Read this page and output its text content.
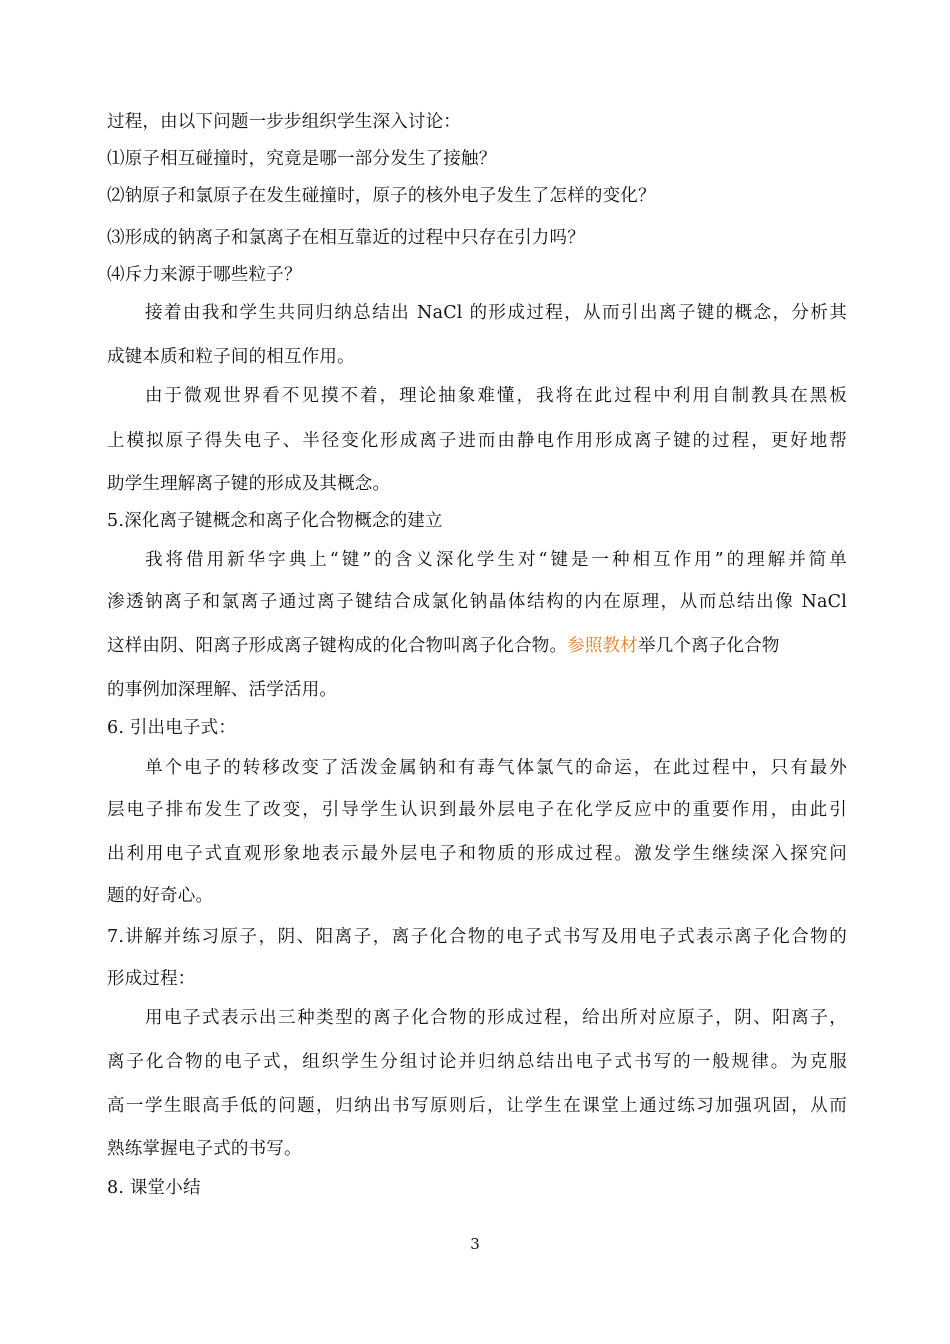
过程，由以下问题一步步组织学生深入讨论：
⑴原子相互碰撞时，究竟是哪一部分发生了接触？
⑵钠原子和氯原子在发生碰撞时，原子的核外电子发生了怎样的变化？
⑶形成的钠离子和氯离子在相互靠近的过程中只存在引力吗？
⑷斥力来源于哪些粒子？
接着由我和学生共同归纳总结出 NaCl 的形成过程，从而引出离子键的概念，分析其
成键本质和粒子间的相互作用。
由于微观世界看不见摸不着，理论抽象难懂，我将在此过程中利用自制教具在黑板
上模拟原子得失电子、半径变化形成离子进而由静电作用形成离子键的过程，更好地帮
助学生理解离子键的形成及其概念。
5.深化离子键概念和离子化合物概念的建立
我将借用新华字典上“键”的含义深化学生对“键是一种相互作用”的理解并简单
渗透钠离子和氯离子通过离子键结合成氯化钠晶体结构的内在原理，从而总结出像 NaCl
这样由阴、阳离子形成离子键构成的化合物叫离子化合物。参照教材举几个离子化合物
的事例加深理解、活学活用。
6. 引出电子式：
单个电子的转移改变了活泼金属钠和有毒气体氯气的命运，在此过程中，只有最外
层电子排布发生了改变，引导学生认识到最外层电子在化学反应中的重要作用，由此引
出利用电子式直观形象地表示最外层电子和物质的形成过程。激发学生继续深入探究问
题的好奇心。
7.讲解并练习原子，阴、阳离子，离子化合物的电子式书写及用电子式表示离子化合物的
形成过程：
用电子式表示出三种类型的离子化合物的形成过程，给出所对应原子，阴、阳离子，
离子化合物的电子式，组织学生分组讨论并归纳总结出电子式书写的一般规律。为克服
高一学生眼高手低的问题，归纳出书写原则后，让学生在课堂上通过练习加强巩固，从而
熟练掌握电子式的书写。
8. 课堂小结
3
